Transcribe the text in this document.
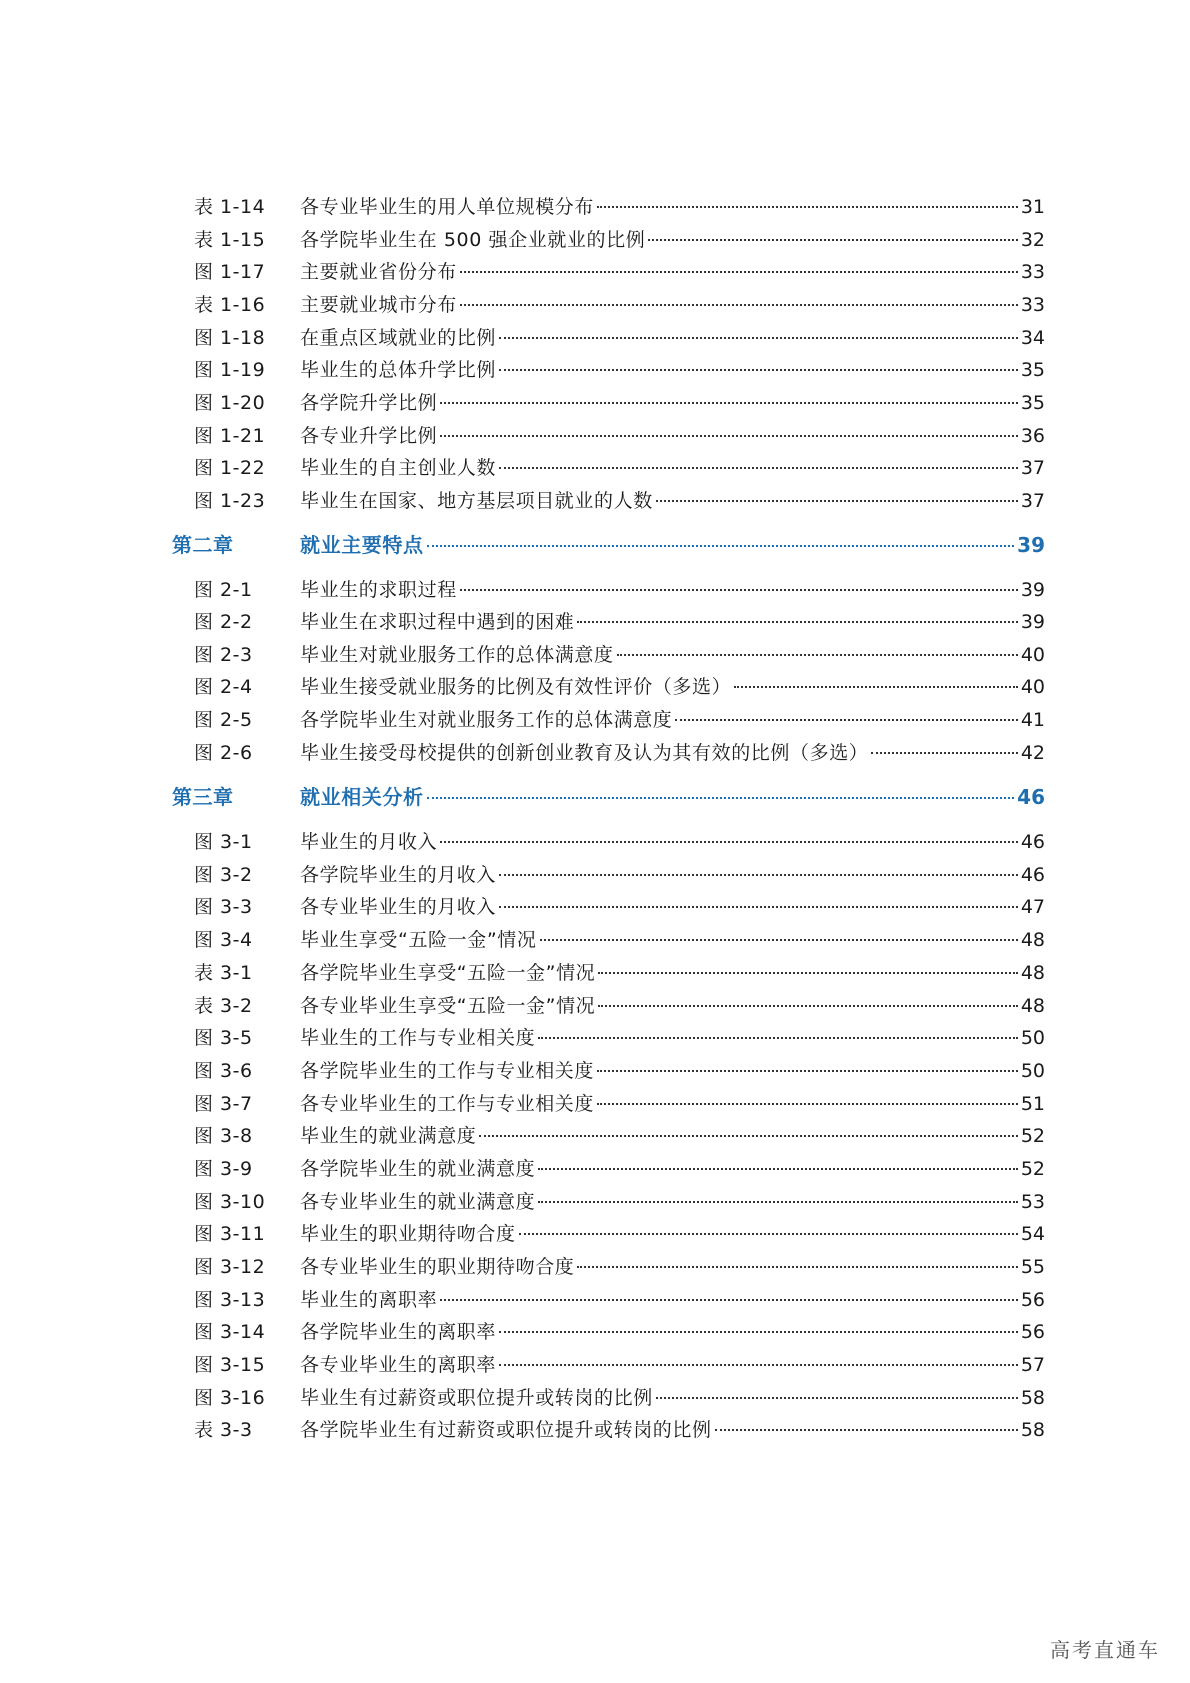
表 1-14 各专业毕业生的用人单位规模分布	31
表 1-15 各学院毕业生在 500 强企业就业的比例	32
图 1-17 主要就业省份分布	33
表 1-16 主要就业城市分布	33
图 1-18 在重点区域就业的比例	34
图 1-19 毕业生的总体升学比例	35
图 1-20 各学院升学比例	35
图 1-21 各专业升学比例	36
图 1-22 毕业生的自主创业人数	37
图 1-23 毕业生在国家、地方基层项目就业的人数	37
第二章	就业主要特点	39
图 2-1 毕业生的求职过程	39
图 2-2 毕业生在求职过程中遇到的困难	39
图 2-3 毕业生对就业服务工作的总体满意度	40
图 2-4 毕业生接受就业服务的比例及有效性评价（多选）	40
图 2-5 各学院毕业生对就业服务工作的总体满意度	41
图 2-6 毕业生接受母校提供的创新创业教育及认为其有效的比例（多选）	42
第三章	就业相关分析	46
图 3-1 毕业生的月收入	46
图 3-2 各学院毕业生的月收入	46
图 3-3 各专业毕业生的月收入	47
图 3-4 毕业生享受“五险一金”情况	48
表 3-1 各学院毕业生享受“五险一金”情况	48
表 3-2 各专业毕业生享受“五险一金”情况	48
图 3-5 毕业生的工作与专业相关度	50
图 3-6 各学院毕业生的工作与专业相关度	50
图 3-7 各专业毕业生的工作与专业相关度	51
图 3-8 毕业生的就业满意度	52
图 3-9 各学院毕业生的就业满意度	52
图 3-10 各专业毕业生的就业满意度	53
图 3-11 毕业生的职业期待吻合度	54
图 3-12 各专业毕业生的职业期待吻合度	55
图 3-13 毕业生的离职率	56
图 3-14 各学院毕业生的离职率	56
图 3-15 各专业毕业生的离职率	57
图 3-16 毕业生有过薪资或职位提升或转岗的比例	58
表 3-3 各学院毕业生有过薪资或职位提升或转岗的比例	58
高考直通车
